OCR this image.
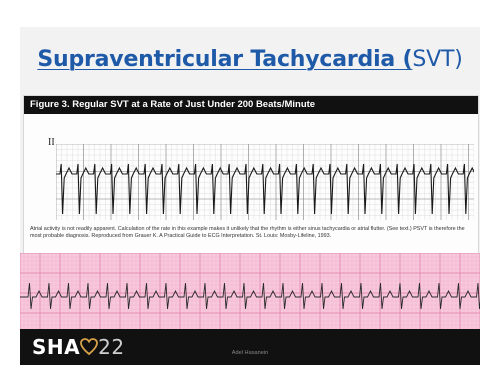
Supraventricular Tachycardia (SVT)
Figure 3. Regular SVT at a Rate of Just Under 200 Beats/Minute
II
Atrial activity is not readily apparent. Calculation of the rate in this example makes it unlikely that the rhythm is either sinus tachycardia or atrial flutter. (See text.) PSVT is therefore the most probable diagnosis. Reproduced from Grauer K. A Practical Guide to ECG Interpretation. St. Louis: Mosby-Lifeline, 1993.
SHA 22	Adel Hasanein
